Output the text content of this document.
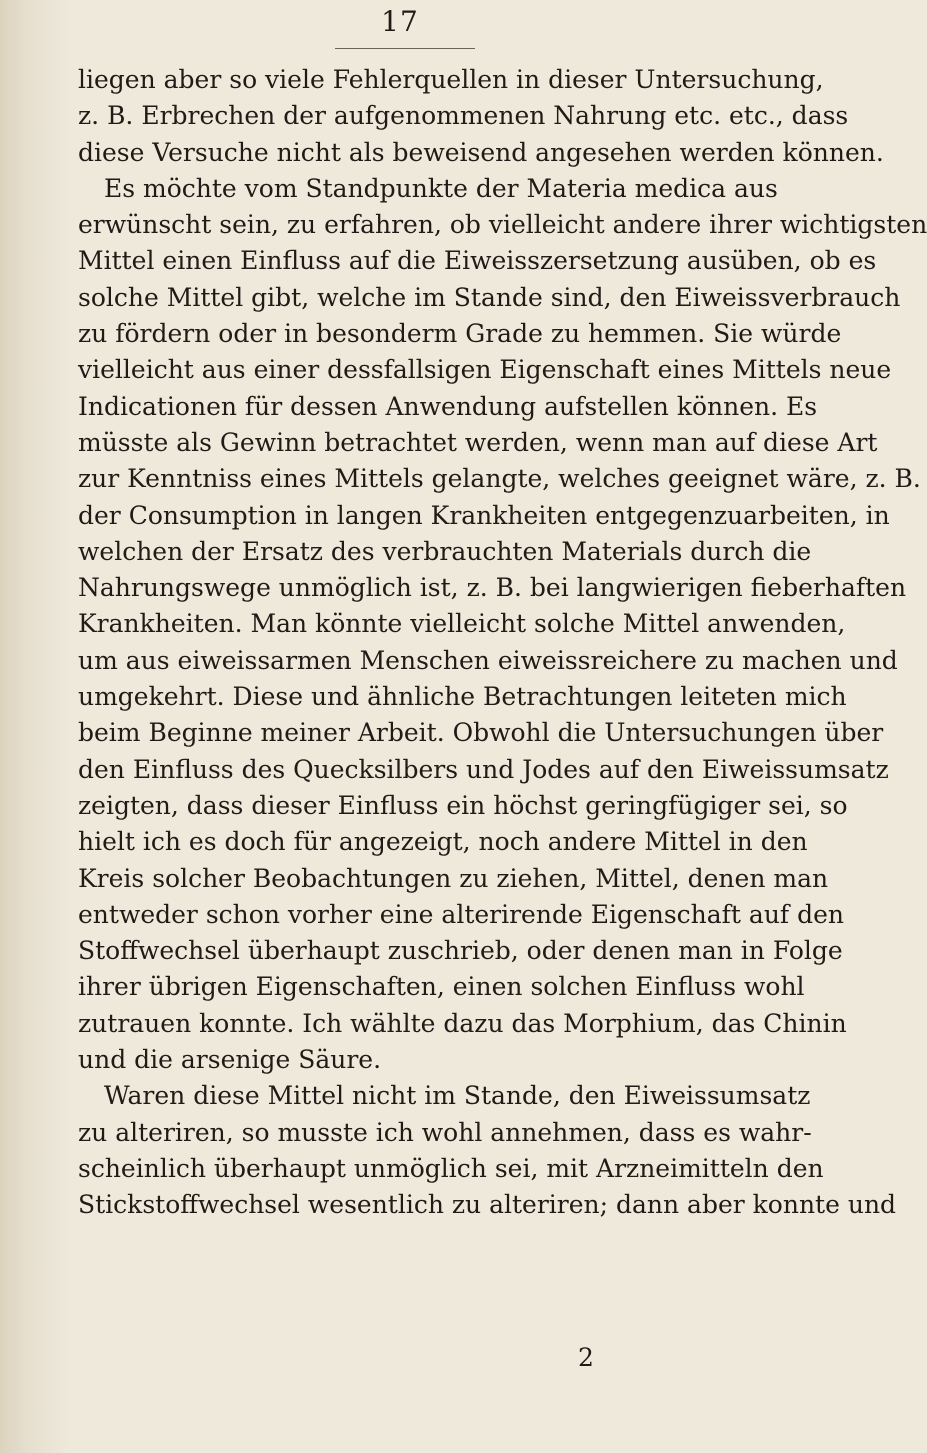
17
liegen aber so viele Fehlerquellen in dieser Untersuchung,
z. B. Erbrechen der aufgenommenen Nahrung etc. etc., dass
diese Versuche nicht als beweisend angesehen werden können.
Es möchte vom Standpunkte der Materia medica aus
erwünscht sein, zu erfahren, ob vielleicht andere ihrer wichtigsten
Mittel einen Einfluss auf die Eiweisszersetzung ausüben, ob es
solche Mittel gibt, welche im Stande sind, den Eiweissverbrauch
zu fördern oder in besonderm Grade zu hemmen. Sie würde
vielleicht aus einer dessfallsigen Eigenschaft eines Mittels neue
Indicationen für dessen Anwendung aufstellen können. Es
müsste als Gewinn betrachtet werden, wenn man auf diese Art
zur Kenntniss eines Mittels gelangte, welches geeignet wäre, z. B.
der Consumption in langen Krankheiten entgegenzuarbeiten, in
welchen der Ersatz des verbrauchten Materials durch die
Nahrungswege unmöglich ist, z. B. bei langwierigen fieberhaften
Krankheiten. Man könnte vielleicht solche Mittel anwenden,
um aus eiweissarmen Menschen eiweissreichere zu machen und
umgekehrt. Diese und ähnliche Betrachtungen leiteten mich
beim Beginne meiner Arbeit. Obwohl die Untersuchungen über
den Einfluss des Quecksilbers und Jodes auf den Eiweissumsatz
zeigten, dass dieser Einfluss ein höchst geringfügiger sei, so
hielt ich es doch für angezeigt, noch andere Mittel in den
Kreis solcher Beobachtungen zu ziehen, Mittel, denen man
entweder schon vorher eine alterirende Eigenschaft auf den
Stoffwechsel überhaupt zuschrieb, oder denen man in Folge
ihrer übrigen Eigenschaften, einen solchen Einfluss wohl
zutrauen konnte. Ich wählte dazu das Morphium, das Chinin
und die arsenige Säure.
Waren diese Mittel nicht im Stande, den Eiweissumsatz
zu alteriren, so musste ich wohl annehmen, dass es wahr-
scheinlich überhaupt unmöglich sei, mit Arzneimitteln den
Stickstoffwechsel wesentlich zu alteriren; dann aber konnte und
2
